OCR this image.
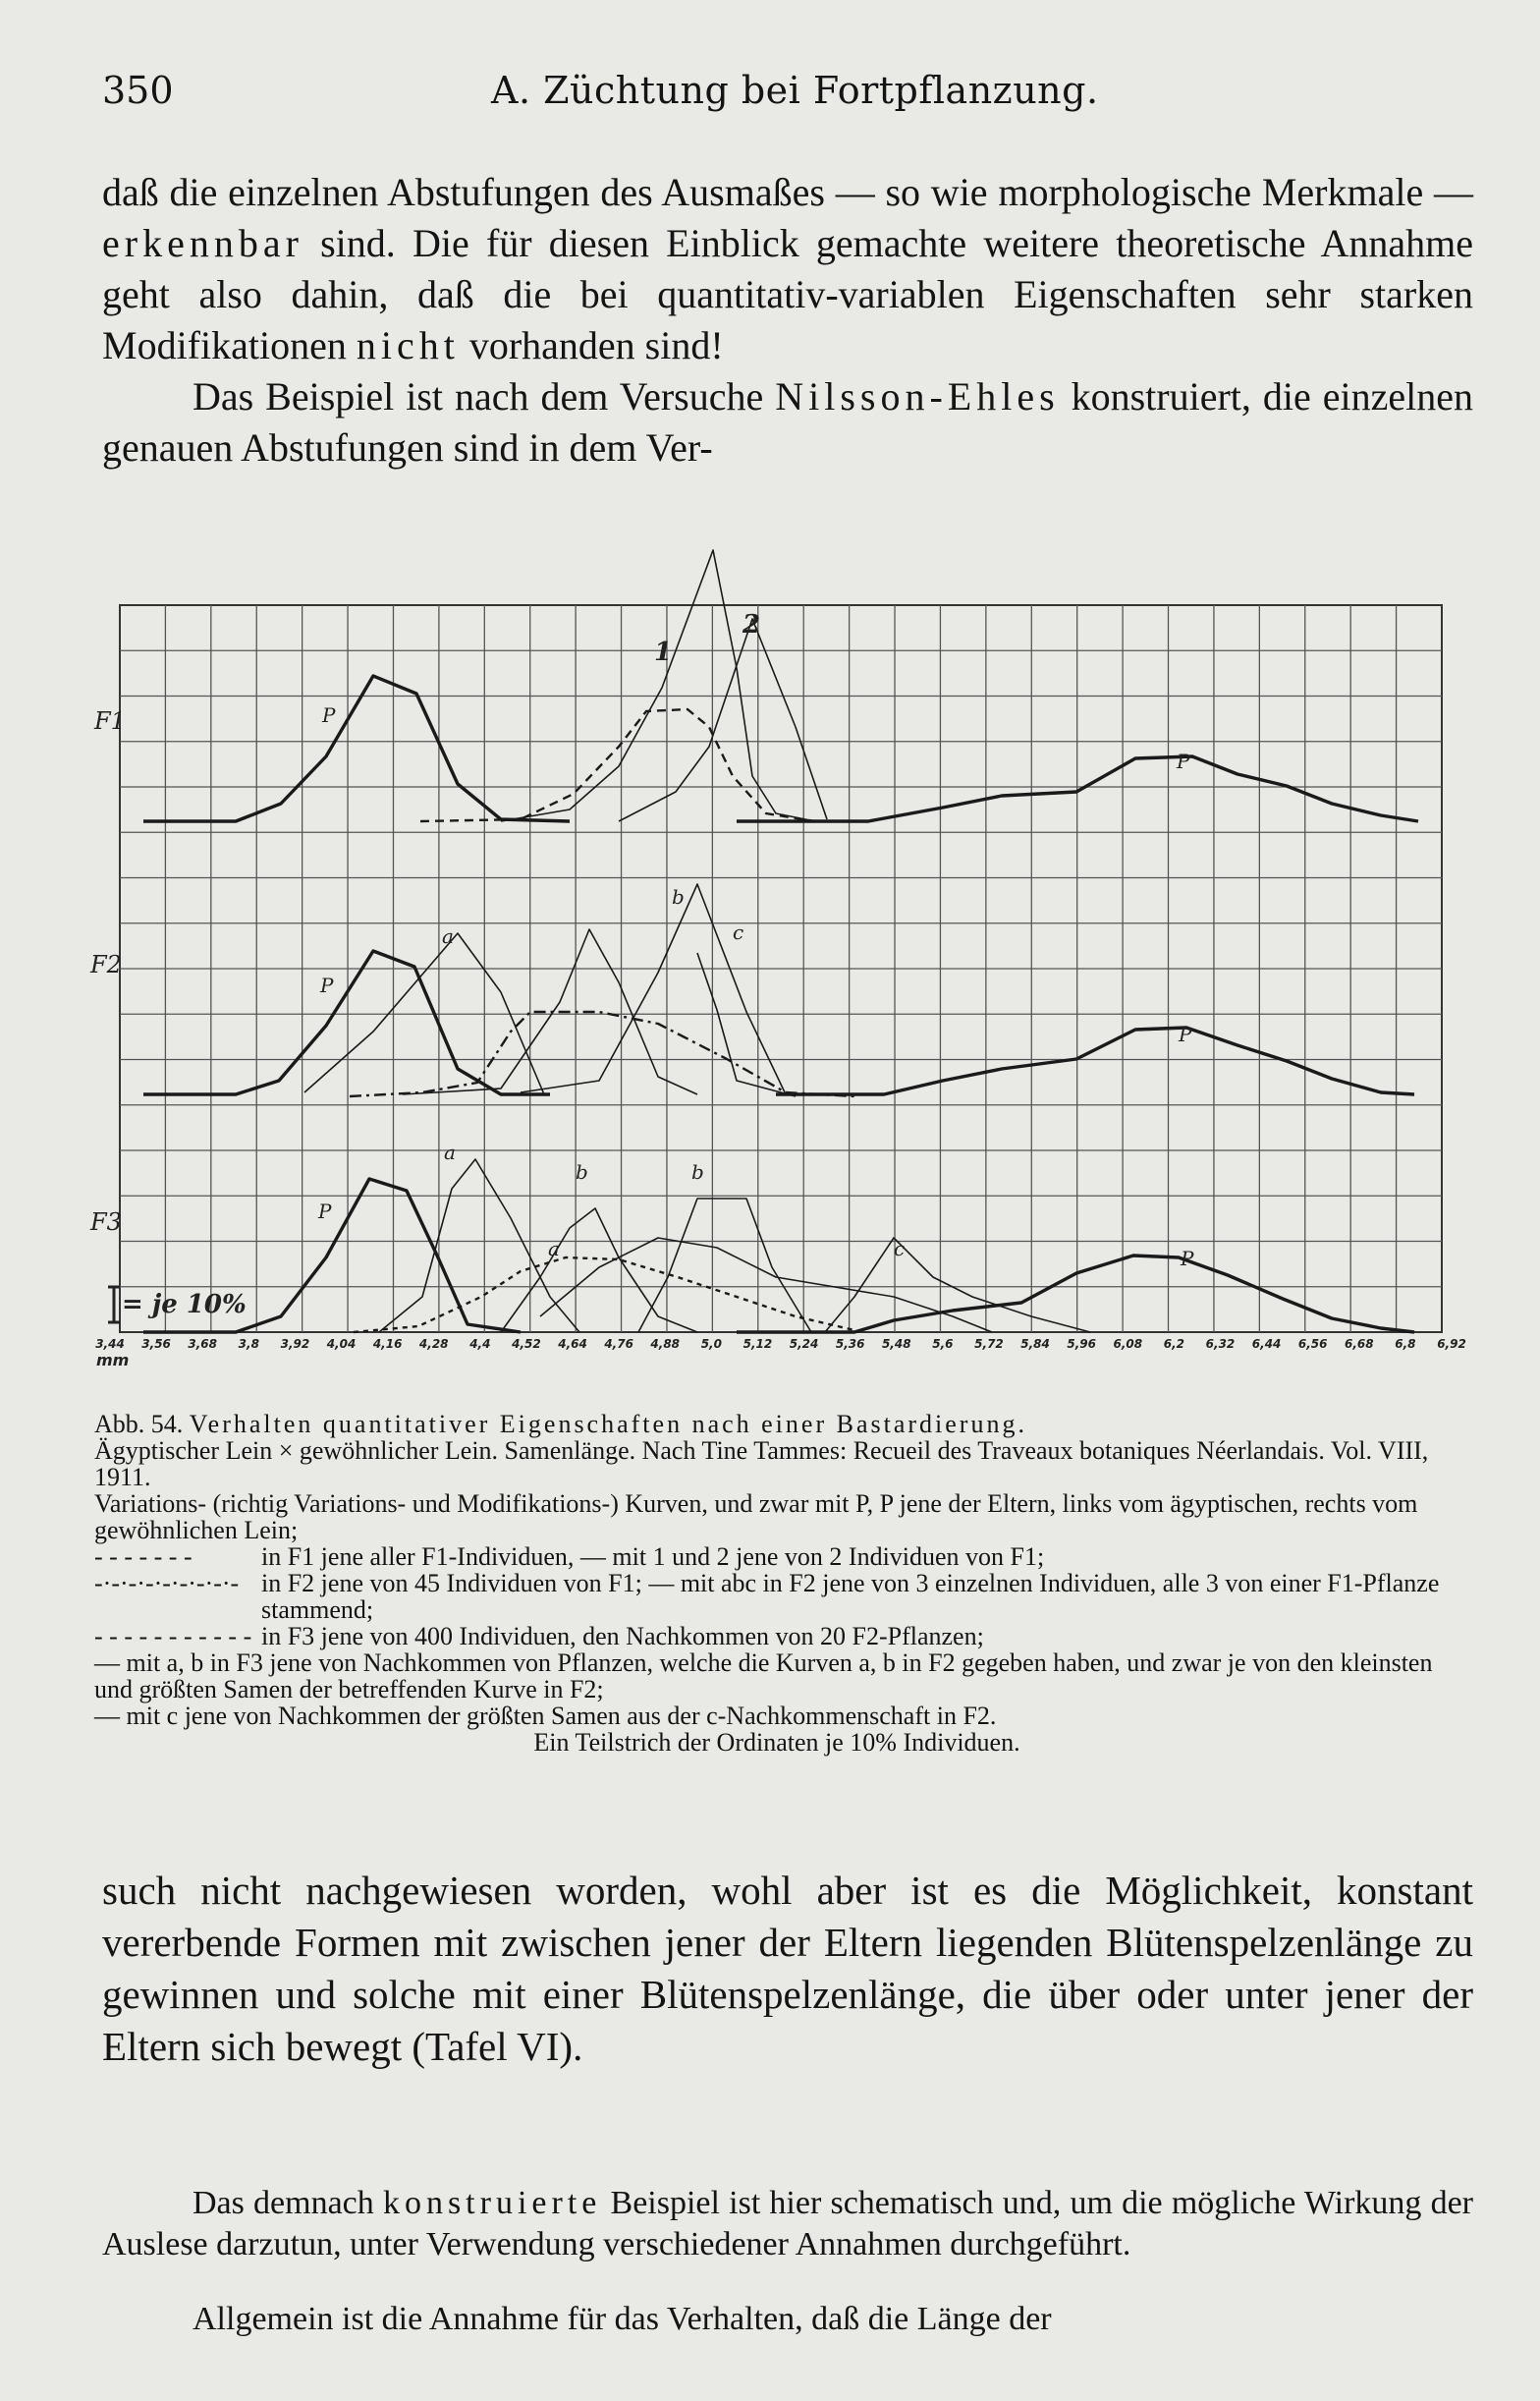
350	A. Züchtung bei Fortpflanzung.

daß die einzelnen Abstufungen des Ausmaßes — so wie morphologische Merkmale — erkennbar sind. Die für diesen Einblick gemachte weitere theoretische Annahme geht also dahin, daß die bei quantitativ-variablen Eigenschaften sehr starken Modifikationen nicht vorhanden sind!

Das Beispiel ist nach dem Versuche Nilsson-Ehles konstruiert, die einzelnen genauen Abstufungen sind in dem Ver-

F1
F2
F3
= je 10%
mm
P
P
1
2
P
a
b
c
P
P
a
b	b
a	c	P
3,44 3,56 3,68 3,8 3,92 4,04 4,16 4,28 4,4 4,52 4,64 4,76 4,88 5,0 5,12 5,24 5,36 5,48 5,6 5,72 5,84 5,96 6,08 6,2 6,32 6,44 6,56 6,68 6,8 6,92

Abb. 54. Verhalten quantitativer Eigenschaften nach einer Bastardierung.

Ägyptischer Lein × gewöhnlicher Lein. Samenlänge. Nach Tine Tammes: Recueil des Traveaux botaniques Néerlandais. Vol. VIII, 1911.

Variations- (richtig Variations- und Modifikations-) Kurven, und zwar mit P, P jene der Eltern, links vom ägyptischen, rechts vom gewöhnlichen Lein;

- - - - - - -	in F1 jene aller F1-Individuen, — mit 1 und 2 jene von 2 Individuen von F1;

-·-·-·-·-·-·-·-·- in F2 jene von 45 Individuen von F1; — mit abc in F2 jene von 3 einzelnen Individuen, alle 3 von einer F1-Pflanze stammend;

- - - - - - - - - - - in F3 jene von 400 Individuen, den Nachkommen von 20 F2-Pflanzen;

— mit a, b in F3 jene von Nachkommen von Pflanzen, welche die Kurven a, b in F2 gegeben haben, und zwar je von den kleinsten und größten Samen der betreffenden Kurve in F2;

— mit c jene von Nachkommen der größten Samen aus der c-Nachkommenschaft in F2.

Ein Teilstrich der Ordinaten je 10% Individuen.

such nicht nachgewiesen worden, wohl aber ist es die Möglichkeit, konstant vererbende Formen mit zwischen jener der Eltern liegenden Blütenspelzenlänge zu gewinnen und solche mit einer Blütenspelzenlänge, die über oder unter jener der Eltern sich bewegt (Tafel VI).

Das demnach konstruierte Beispiel ist hier schematisch und, um die mögliche Wirkung der Auslese darzutun, unter Verwendung verschiedener Annahmen durchgeführt.

Allgemein ist die Annahme für das Verhalten, daß die Länge der
